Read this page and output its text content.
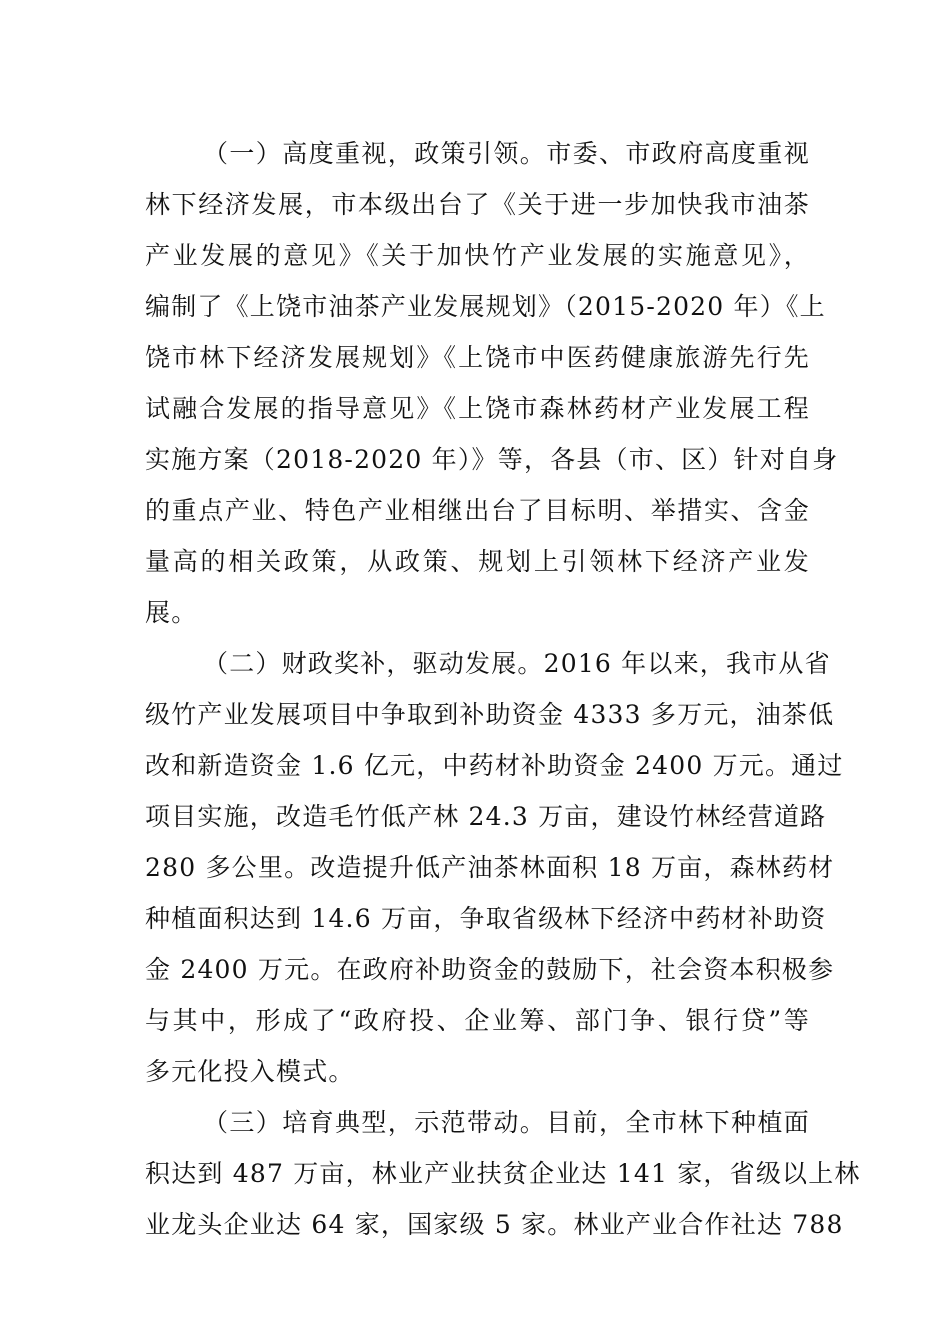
（一）高度重视，政策引领。市委、市政府高度重视
林下经济发展，市本级出台了《关于进一步加快我市油茶
产业发展的意见》《关于加快竹产业发展的实施意见》，
编制了《上饶市油茶产业发展规划》（2015-2020 年）《上
饶市林下经济发展规划》《上饶市中医药健康旅游先行先
试融合发展的指导意见》《上饶市森林药材产业发展工程
实施方案（2018-2020 年）》等，各县（市、区）针对自身
的重点产业、特色产业相继出台了目标明、举措实、含金
量高的相关政策，从政策、规划上引领林下经济产业发
展。
（二）财政奖补，驱动发展。2016 年以来，我市从省
级竹产业发展项目中争取到补助资金 4333 多万元，油茶低
改和新造资金 1.6 亿元，中药材补助资金 2400 万元。通过
项目实施，改造毛竹低产林 24.3 万亩，建设竹林经营道路
280 多公里。改造提升低产油茶林面积 18 万亩，森林药材
种植面积达到 14.6 万亩，争取省级林下经济中药材补助资
金 2400 万元。在政府补助资金的鼓励下，社会资本积极参
与其中，形成了“政府投、企业筹、部门争、银行贷”等
多元化投入模式。
（三）培育典型，示范带动。目前，全市林下种植面
积达到 487 万亩，林业产业扶贫企业达 141 家，省级以上林
业龙头企业达 64 家，国家级 5 家。林业产业合作社达 788
